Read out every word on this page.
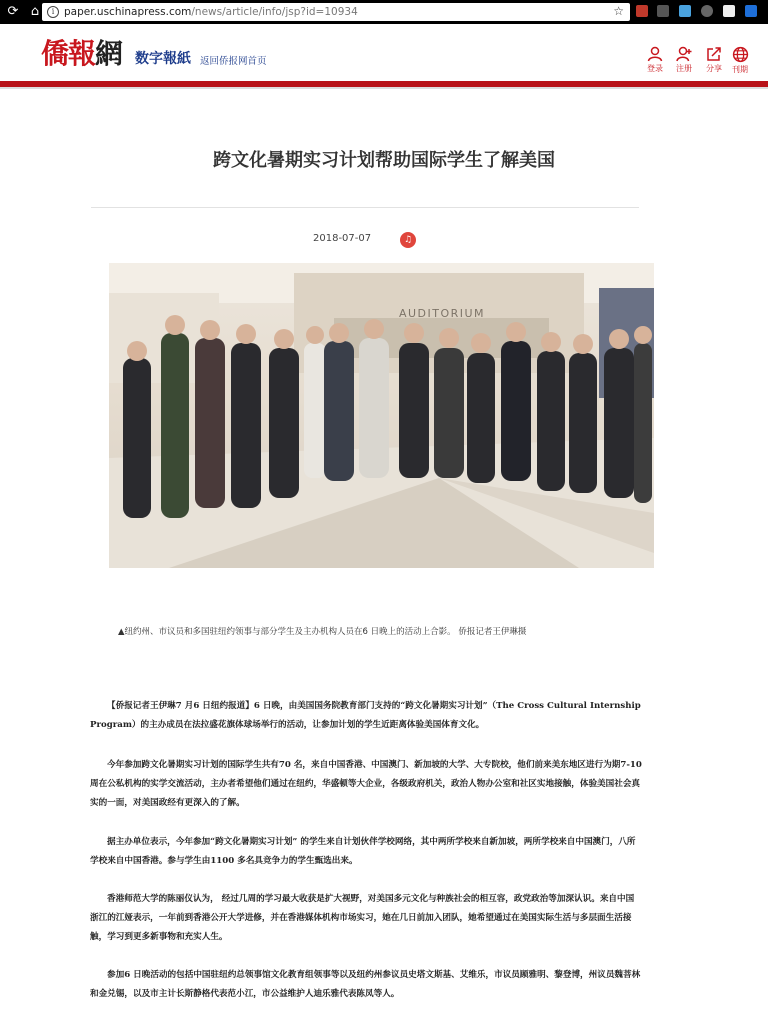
⟳ ⌂	i paper.uschinapress.com/news/article/info/jsp?id=10934	☆
僑報網 数字報紙 返回侨报网首页
登录	注册	分享	刊期
跨文化暑期实习计划帮助国际学生了解美国
2018-07-07	♫
AUDITORIUM
▲纽约州、市议员和多国驻纽约领事与部分学生及主办机构人员在6 日晚上的活动上合影。 侨报记者王伊琳摄

【侨报记者王伊琳7 月6 日纽约报道】6 日晚，由美国国务院教育部门支持的“跨文化暑期实习计划”（The Cross Cultural Internship Program）的主办成员在法拉盛花旗体球场举行的活动，让参加计划的学生近距离体验美国体育文化。

今年参加跨文化暑期实习计划的国际学生共有70 名，来自中国香港、中国澳门、新加坡的大学、大专院校，他们前来美东地区进行为期7-10 周在公私机构的实学交流活动，主办者希望他们通过在纽约，华盛顿等大企业，各级政府机关，政治人物办公室和社区实地接触，体验美国社会真实的一面，对美国政经有更深入的了解。

据主办单位表示，今年参加“跨文化暑期实习计划” 的学生来自计划伙伴学校网络，其中两所学校来自新加坡，两所学校来自中国澳门，八所学校来自中国香港。参与学生由1100 多名具竞争力的学生甄选出来。

香港师范大学的陈丽仪认为， 经过几周的学习最大收获是扩大视野，对美国多元文化与种族社会的相互容，政党政治等加深认识。来自中国浙江的江娅表示，一年前到香港公开大学进修，并在香港媒体机构市场实习，她在几日前加入团队，她希望通过在美国实际生活与多层面生活接触，学习到更多新事物和充实人生。

参加6 日晚活动的包括中国驻纽约总领事馆文化教育组领事等以及纽约州参议员史塔文斯基、艾维乐，市议员顾雅明、黎登博，州议员魏菩林和金兑锡，以及市主计长斯静格代表范小江，市公益维护人迪乐雅代表陈凤等人。
